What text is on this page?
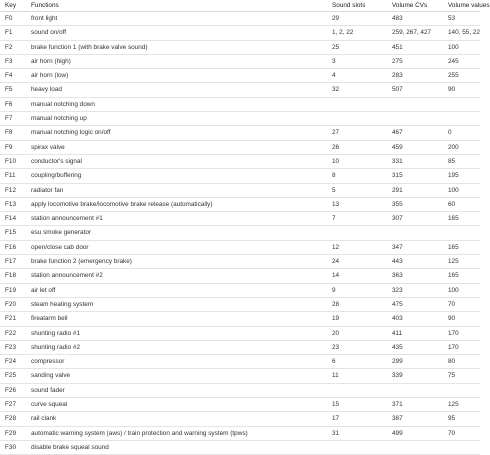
Key	Functions	Sound slots	Volume CVs	Volume values
F0	front light	29	483	53
F1	sound on/off	1, 2, 22	259, 267, 427	140, 55, 22
F2	brake function 1 (with brake valve sound)	25	451	100
F3	air horn (high)	3	275	245
F4	air horn (low)	4	283	255
F5	heavy load	32	507	90
F6	manual notching down			
F7	manual notching up			
F8	manual notching logic on/off	27	467	0
F9	spirax valve	26	459	200
F10	conductor's signal	10	331	85
F11	coupling/buffering	8	315	195
F12	radiator fan	5	291	100
F13	apply locomotive brake/locomotive brake release (automatically)	13	355	60
F14	station announcement #1	7	307	165
F15	esu smoke generator			
F16	open/close cab door	12	347	165
F17	brake function 2 (emergency brake)	24	443	125
F18	station announcement #2	14	363	165
F19	air let off	9	323	100
F20	steam heating system	28	475	70
F21	firealarm bell	19	403	90
F22	shunting radio #1	20	411	170
F23	shunting radio #2	23	435	170
F24	compressor	6	299	80
F25	sanding valve	11	339	75
F26	sound fader			
F27	curve squeal	15	371	125
F28	rail clank	17	387	95
F29	automatic warning system (aws) / train protection and warning system (tpws)	31	499	70
F30	disable brake squeal sound			
